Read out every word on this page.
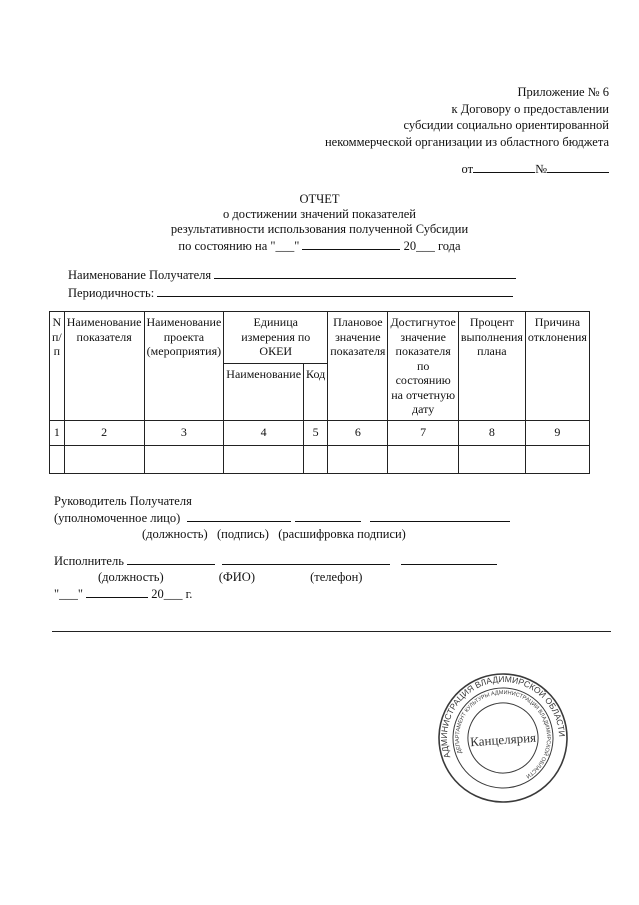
Приложение № 6
к Договору о предоставлении
субсидии социально ориентированной
некоммерческой организации из областного бюджета
от	№
ОТЧЕТ
о достижении значений показателей
результативности использования полученной Субсидии
по состоянию на "___"	20___ года
Наименование Получателя
Периодичность:
N п/п	Наименование показателя	Наименование проекта (мероприятия)	Единица измерения по ОКЕИ		Плановое значение показателя	Достигнутое значение показателя по состоянию на отчетную дату	Процент выполнения плана	Причина отклонения
			Наименование	Код				
1	2	3	4	5	6	7	8	9

Руководитель Получателя
(уполномоченное лицо)
(должность)   (подпись)   (расшифровка подписи)
Исполнитель
(должность)	(ФИО)	(телефон)
"___"	20___ г.
АДМИНИСТРАЦИЯ ВЛАДИМИРСКОЙ ОБЛАСТИ
ДЕПАРТАМЕНТ КУЛЬТУРЫ АДМИНИСТРАЦИИ ВЛАДИМИРСКОЙ ОБЛАСТИ
Канцелярия
